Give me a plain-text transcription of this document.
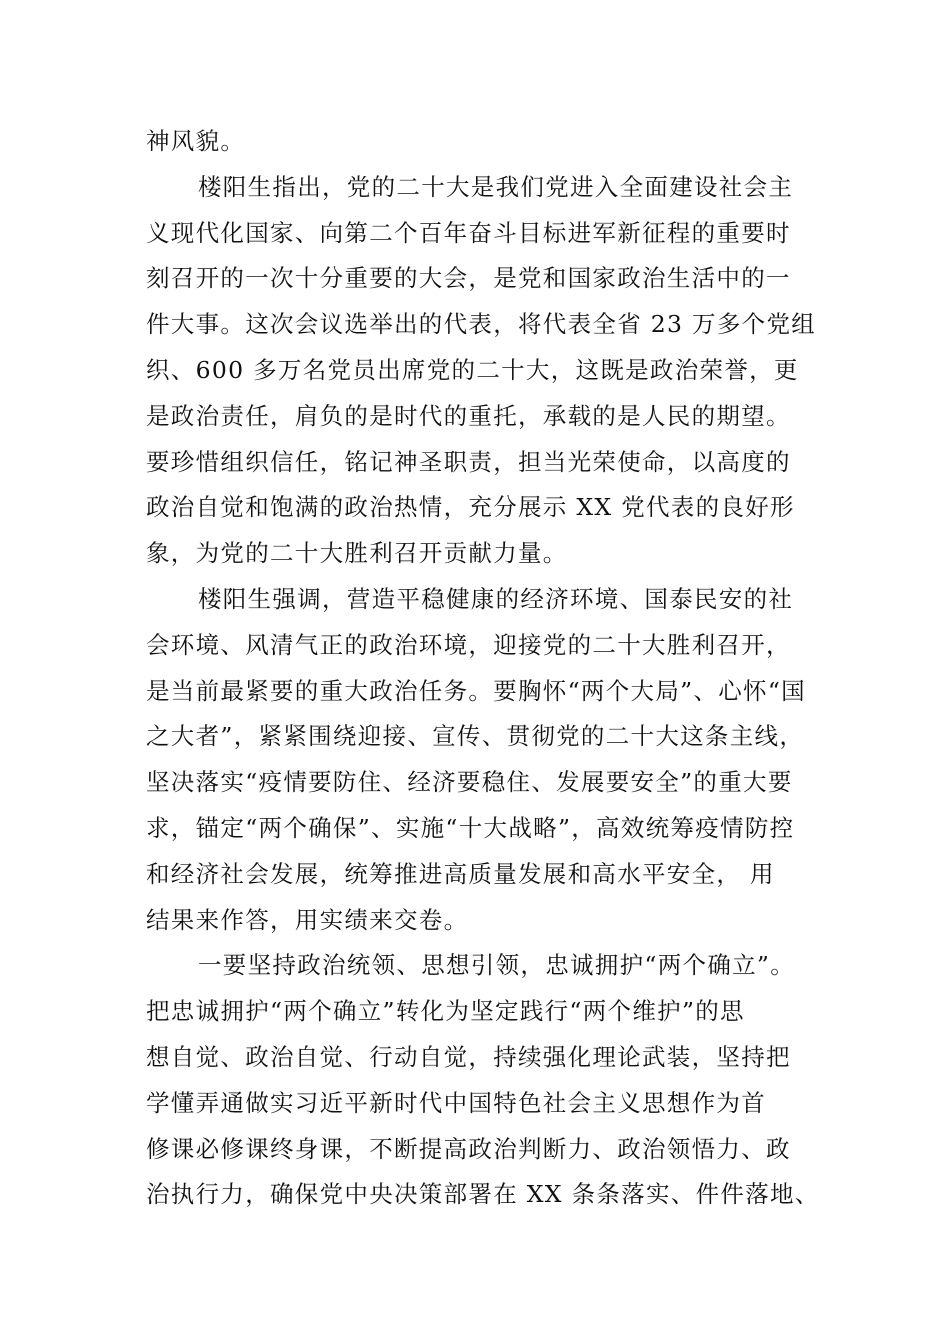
神风貌。
楼阳生指出，党的二十大是我们党进入全面建设社会主
义现代化国家、向第二个百年奋斗目标进军新征程的重要时
刻召开的一次十分重要的大会，是党和国家政治生活中的一
件大事。这次会议选举出的代表，将代表全省 23 万多个党组
织、600 多万名党员出席党的二十大，这既是政治荣誉，更
是政治责任，肩负的是时代的重托，承载的是人民的期望。
要珍惜组织信任，铭记神圣职责，担当光荣使命，以高度的
政治自觉和饱满的政治热情，充分展示 XX 党代表的良好形
象，为党的二十大胜利召开贡献力量。
楼阳生强调，营造平稳健康的经济环境、国泰民安的社
会环境、风清气正的政治环境，迎接党的二十大胜利召开，
是当前最紧要的重大政治任务。要胸怀“两个大局”、心怀“国
之大者”，紧紧围绕迎接、宣传、贯彻党的二十大这条主线，
坚决落实“疫情要防住、经济要稳住、发展要安全”的重大要
求，锚定“两个确保”、实施“十大战略”，高效统筹疫情防控
和经济社会发展，统筹推进高质量发展和高水平安全， 用
结果来作答，用实绩来交卷。
一要坚持政治统领、思想引领，忠诚拥护“两个确立”。
把忠诚拥护“两个确立”转化为坚定践行“两个维护”的思
想自觉、政治自觉、行动自觉，持续强化理论武装，坚持把
学懂弄通做实习近平新时代中国特色社会主义思想作为首
修课必修课终身课，不断提高政治判断力、政治领悟力、政
治执行力，确保党中央决策部署在 XX 条条落实、件件落地、
